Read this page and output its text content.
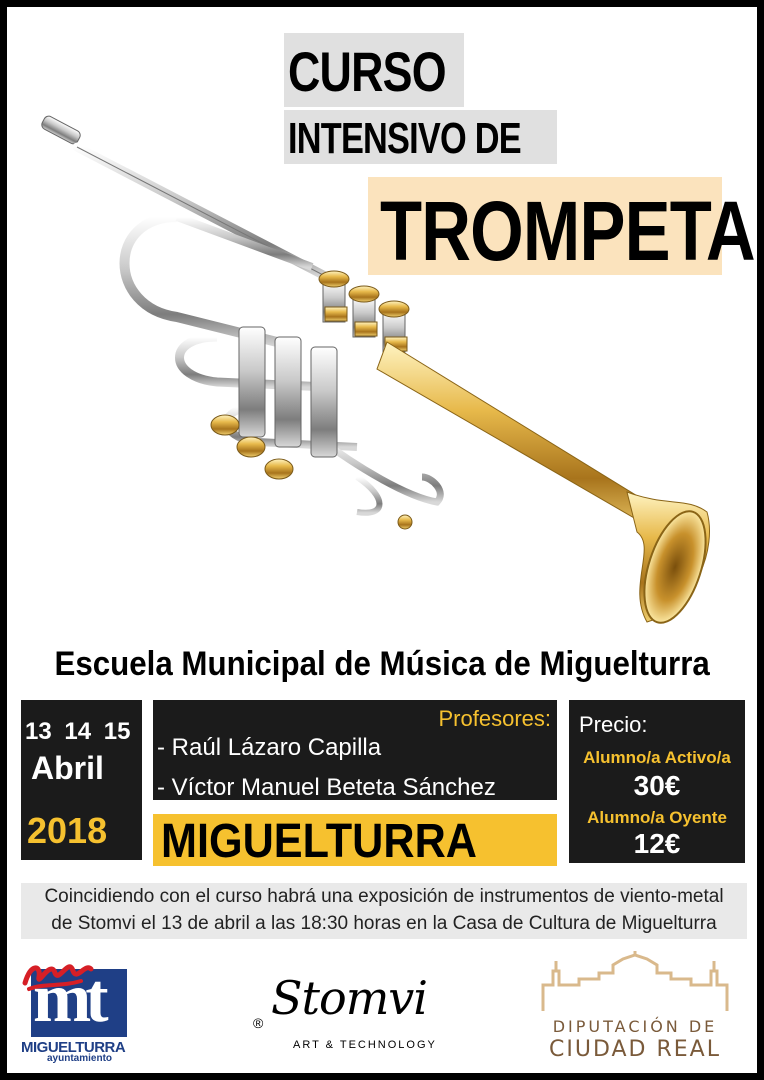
CURSO
INTENSIVO DE
TROMPETA
Escuela Municipal de Música de Miguelturra
13 14 15
Abril
2018
Profesores:
- Raúl Lázaro Capilla
- Víctor Manuel Beteta Sánchez
MIGUELTURRA
Precio:
Alumno/a Activo/a
30€
Alumno/a Oyente
12€
Coincidiendo con el curso habrá una exposición de instrumentos de viento-metal
de Stomvi el 13 de abril a las 18:30 horas en la Casa de Cultura de Miguelturra
mt
MIGUELTURRA
ayuntamiento
® Stomvi
ART & TECHNOLOGY
DIPUTACIÓN DE
CIUDAD REAL
